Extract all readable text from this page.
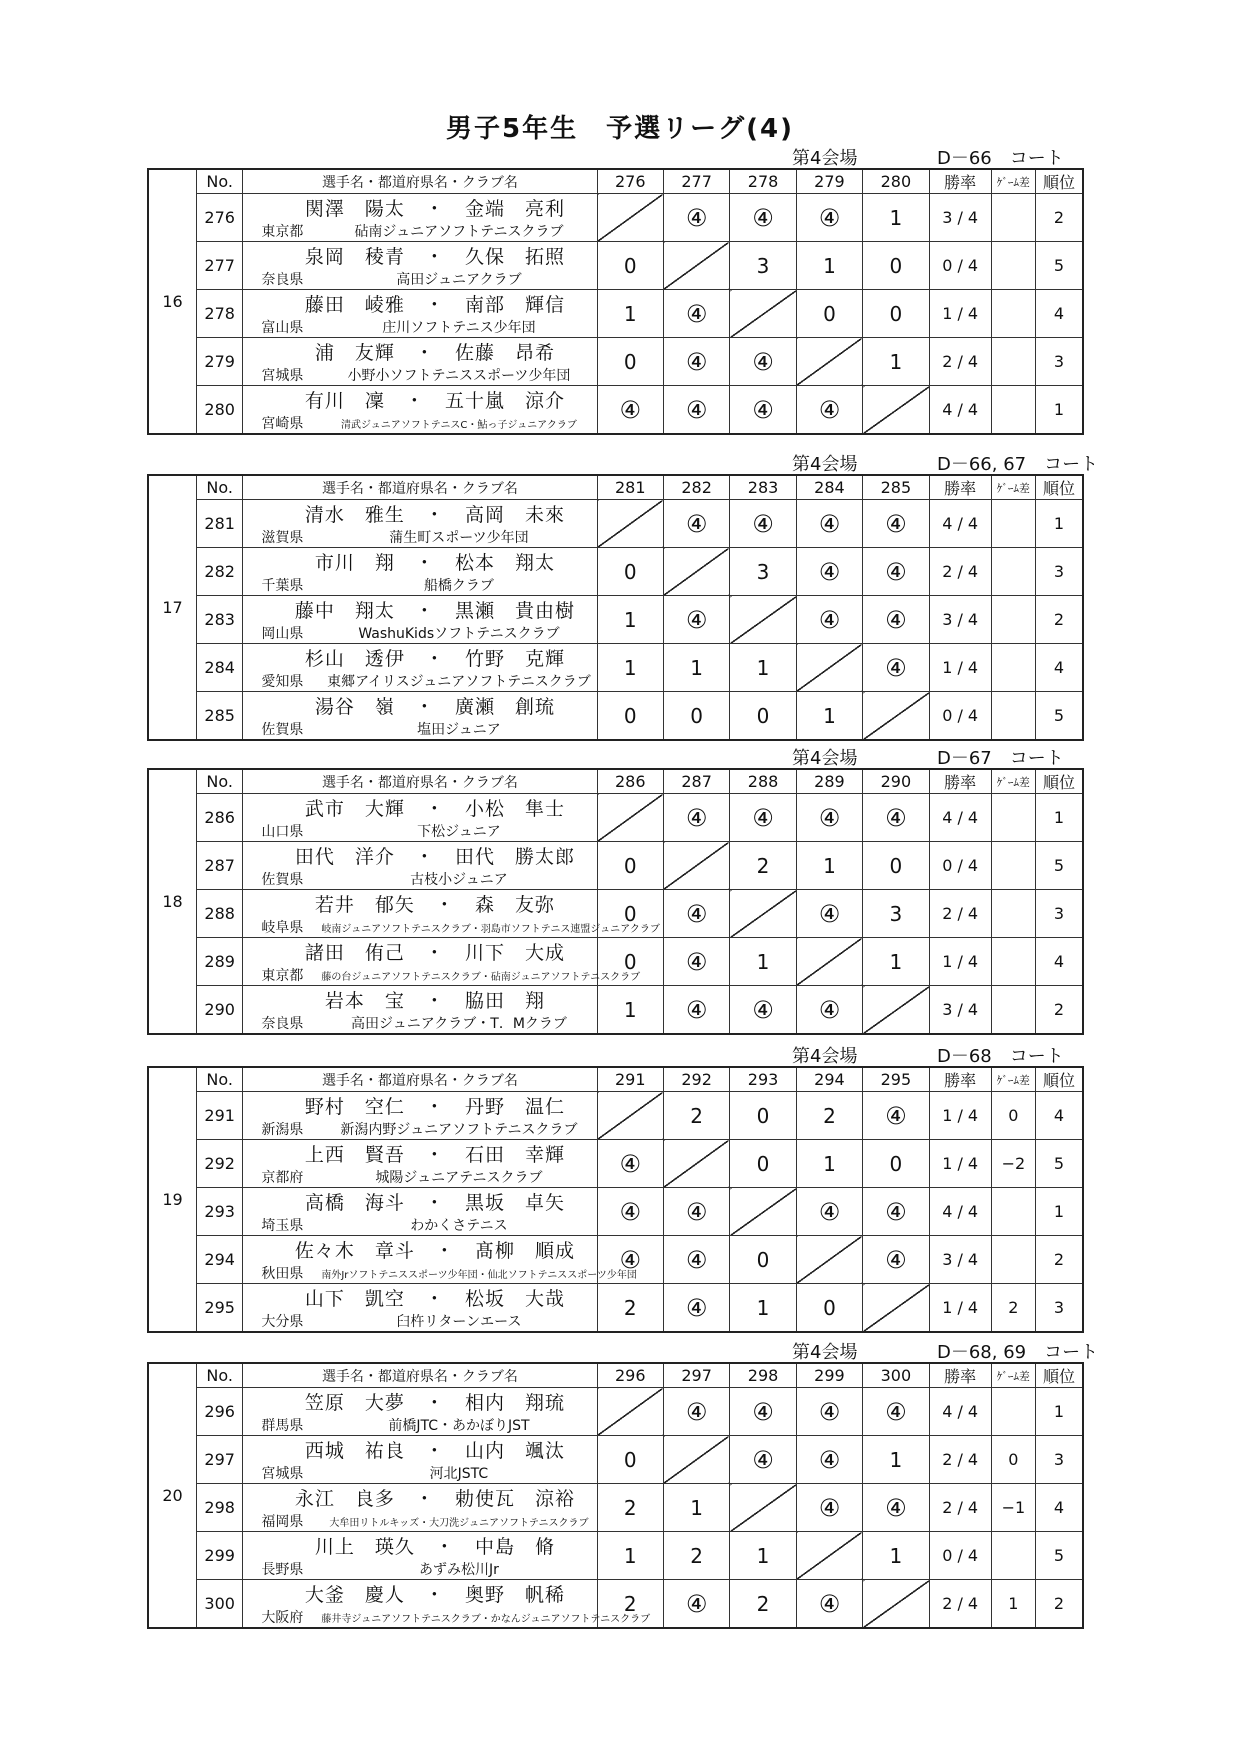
男子5年生　予選リーグ(4)
第4会場	D－66　コート
16	No.	選手名・都道府県名・クラブ名	276	277	278	279	280	勝率	ｹﾞｰﾑ差	順位
	276	関澤　陽太 ・ 金端　亮利
東京都 砧南ジュニアソフトテニスクラブ		④	④	④	1	3 / 4		2
	277	泉岡　稜青 ・ 久保　拓照
奈良県 高田ジュニアクラブ	0		3	1	0	0 / 4		5
	278	藤田　崚雅 ・ 南部　輝信
富山県 庄川ソフトテニス少年団	1	④		0	0	1 / 4		4
	279	浦　友輝 ・ 佐藤　昂希
宮城県 小野小ソフトテニススポーツ少年団	0	④	④		1	2 / 4		3
	280	有川　凜 ・ 五十嵐　涼介
宮崎県 清武ジュニアソフトテニスC・鮎っ子ジュニアクラブ	④	④	④	④		4 / 4		1
第4会場	D－66, 67　コート
17	No.	選手名・都道府県名・クラブ名	281	282	283	284	285	勝率	ｹﾞｰﾑ差	順位
	281	清水　雅生 ・ 高岡　未來
滋賀県 蒲生町スポーツ少年団		④	④	④	④	4 / 4		1
	282	市川　翔 ・ 松本　翔太
千葉県 船橋クラブ	0		3	④	④	2 / 4		3
	283	藤中　翔太 ・ 黒瀬　貴由樹
岡山県 WashuKidsソフトテニスクラブ	1	④		④	④	3 / 4		2
	284	杉山　透伊 ・ 竹野　克輝
愛知県 東郷アイリスジュニアソフトテニスクラブ	1	1	1		④	1 / 4		4
	285	湯谷　嶺 ・ 廣瀬　創琉
佐賀県 塩田ジュニア	0	0	0	1		0 / 4		5
第4会場	D－67　コート
18	No.	選手名・都道府県名・クラブ名	286	287	288	289	290	勝率	ｹﾞｰﾑ差	順位
	286	武市　大輝 ・ 小松　隼士
山口県 下松ジュニア		④	④	④	④	4 / 4		1
	287	田代　洋介 ・ 田代　勝太郎
佐賀県 古枝小ジュニア	0		2	1	0	0 / 4		5
	288	若井　郁矢 ・ 森　友弥
岐阜県 岐南ジュニアソフトテニスクラブ・羽島市ソフトテニス連盟ジュニアクラブ	0	④		④	3	2 / 4		3
	289	諸田　侑己 ・ 川下　大成
東京都 藤の台ジュニアソフトテニスクラブ・砧南ジュニアソフトテニスクラブ	0	④	1		1	1 / 4		4
	290	岩本　宝 ・ 脇田　翔
奈良県 高田ジュニアクラブ・T．Mクラブ	1	④	④	④		3 / 4		2
第4会場	D－68　コート
19	No.	選手名・都道府県名・クラブ名	291	292	293	294	295	勝率	ｹﾞｰﾑ差	順位
	291	野村　空仁 ・ 丹野　温仁
新潟県 新潟内野ジュニアソフトテニスクラブ		2	0	2	④	1 / 4	0	4
	292	上西　賢吾 ・ 石田　幸輝
京都府 城陽ジュニアテニスクラブ	④		0	1	0	1 / 4	−2	5
	293	高橋　海斗 ・ 黒坂　卓矢
埼玉県 わかくさテニス	④	④		④	④	4 / 4		1
	294	佐々木　章斗 ・ 髙柳　順成
秋田県 南外Jrソフトテニススポーツ少年団・仙北ソフトテニススポーツ少年団	④	④	0		④	3 / 4		2
	295	山下　凱空 ・ 松坂　大哉
大分県 臼杵リターンエース	2	④	1	0		1 / 4	2	3
第4会場	D－68, 69　コート
20	No.	選手名・都道府県名・クラブ名	296	297	298	299	300	勝率	ｹﾞｰﾑ差	順位
	296	笠原　大夢 ・ 相内　翔琉
群馬県 前橋JTC・あかぼりJST		④	④	④	④	4 / 4		1
	297	西城　祐良 ・ 山内　颯汰
宮城県 河北JSTC	0		④	④	1	2 / 4	0	3
	298	永江　良多 ・ 勅使瓦　涼裕
福岡県 大牟田リトルキッズ・大刀洗ジュニアソフトテニスクラブ	2	1		④	④	2 / 4	−1	4
	299	川上　瑛久 ・ 中島　脩
長野県 あずみ松川Jr	1	2	1		1	0 / 4		5
	300	大釜　慶人 ・ 奥野　帆稀
大阪府 藤井寺ジュニアソフトテニスクラブ・かなんジュニアソフトテニスクラブ	2	④	2	④		2 / 4	1	2
